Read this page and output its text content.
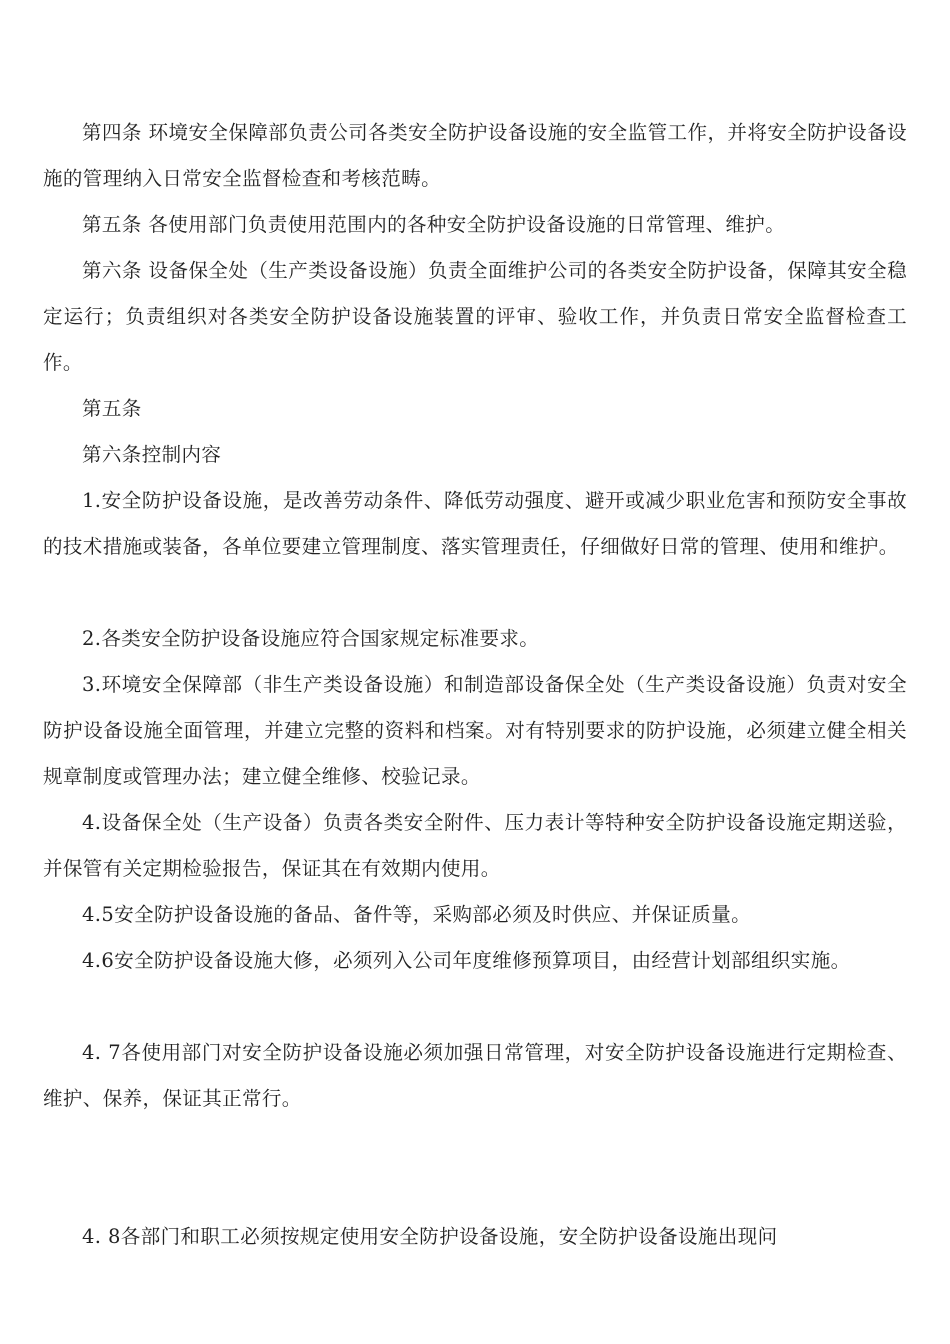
第四条 环境安全保障部负责公司各类安全防护设备设施的安全监管工作，并将安全防护设备设施的管理纳入日常安全监督检查和考核范畴。

第五条 各使用部门负责使用范围内的各种安全防护设备设施的日常管理、维护。

第六条 设备保全处（生产类设备设施）负责全面维护公司的各类安全防护设备，保障其安全稳定运行；负责组织对各类安全防护设备设施装置的评审、验收工作，并负责日常安全监督检查工作。

第五条

第六条控制内容

1.安全防护设备设施，是改善劳动条件、降低劳动强度、避开或减少职业危害和预防安全事故的技术措施或装备，各单位要建立管理制度、落实管理责任，仔细做好日常的管理、使用和维护。

2.各类安全防护设备设施应符合国家规定标准要求。

3.环境安全保障部（非生产类设备设施）和制造部设备保全处（生产类设备设施）负责对安全防护设备设施全面管理，并建立完整的资料和档案。对有特别要求的防护设施，必须建立健全相关规章制度或管理办法；建立健全维修、校验记录。

4.设备保全处（生产设备）负责各类安全附件、压力表计等特种安全防护设备设施定期送验，并保管有关定期检验报告，保证其在有效期内使用。

4.5安全防护设备设施的备品、备件等，采购部必须及时供应、并保证质量。

4.6安全防护设备设施大修，必须列入公司年度维修预算项目，由经营计划部组织实施。

4. 7各使用部门对安全防护设备设施必须加强日常管理，对安全防护设备设施进行定期检查、维护、保养，保证其正常行。

4. 8各部门和职工必须按规定使用安全防护设备设施，安全防护设备设施出现问
